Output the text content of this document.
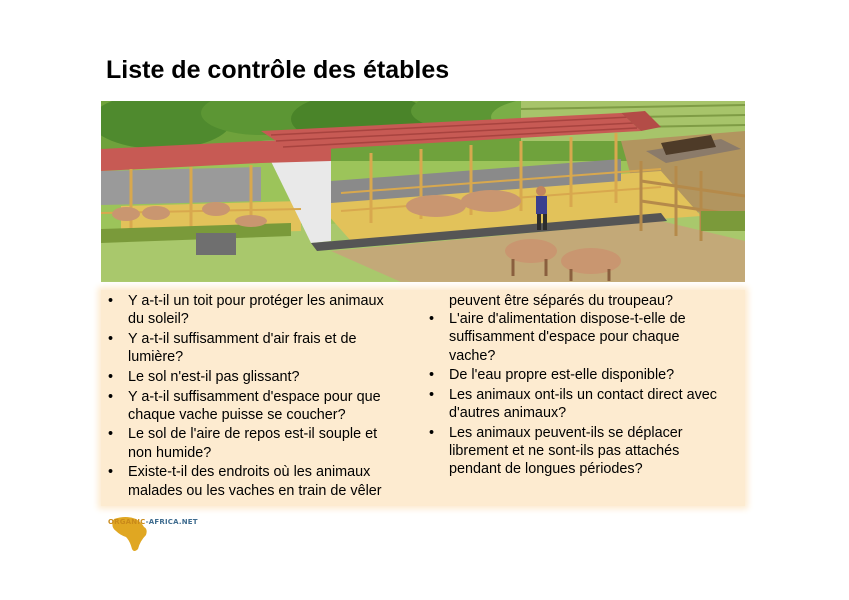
Liste de contrôle des étables
• Y a-t-il un toit pour protéger les animaux
du soleil?
• Y a-t-il suffisamment d'air frais et de
lumière?
• Le sol n'est-il pas glissant?
• Y a-t-il suffisamment d'espace pour que
chaque vache puisse se coucher?
• Le sol de l'aire de repos est-il souple et
non humide?
• Existe-t-il des endroits où les animaux
malades ou les vaches en train de vêler
peuvent être séparés du troupeau?
• L'aire d'alimentation dispose-t-elle de
suffisamment d'espace pour chaque
vache?
• De l'eau propre est-elle disponible?
• Les animaux ont-ils un contact direct avec
d'autres animaux?
• Les animaux peuvent-ils se déplacer
librement et ne sont-ils pas attachés
pendant de longues périodes?
ORGANIC-AFRICA.NET
